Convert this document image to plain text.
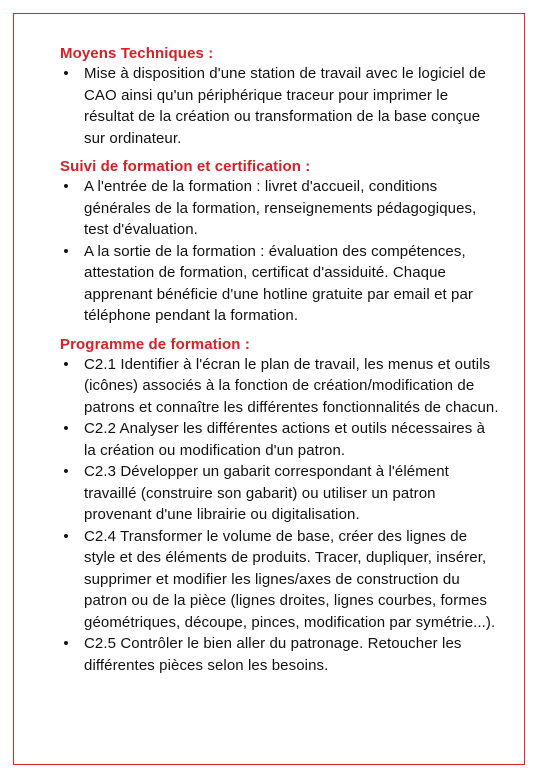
Moyens Techniques :
• Mise à disposition d'une station de travail avec le logiciel de CAO ainsi qu'un périphérique traceur pour imprimer le résultat de la création ou transformation de la base conçue sur ordinateur.
Suivi de formation et certification :
• A l'entrée de la formation : livret d'accueil, conditions générales de la formation, renseignements pédagogiques, test d'évaluation.
• A la sortie de la formation : évaluation des compétences, attestation de formation, certificat d'assiduité. Chaque apprenant bénéficie d'une hotline gratuite par email et par téléphone pendant la formation.
Programme de formation :
• C2.1 Identifier à l'écran le plan de travail, les menus et outils (icônes) associés à la fonction de création/modification de patrons et connaître les différentes fonctionnalités de chacun.
• C2.2 Analyser les différentes actions et outils nécessaires à la création ou modification d'un patron.
• C2.3 Développer un gabarit correspondant à l'élément travaillé (construire son gabarit) ou utiliser un patron provenant d'une librairie ou digitalisation.
• C2.4 Transformer le volume de base, créer des lignes de style et des éléments de produits. Tracer, dupliquer, insérer, supprimer et modifier les lignes/axes de construction du patron ou de la pièce (lignes droites, lignes courbes, formes géométriques, découpe, pinces, modification par symétrie...).
• C2.5 Contrôler le bien aller du patronage. Retoucher les différentes pièces selon les besoins.
